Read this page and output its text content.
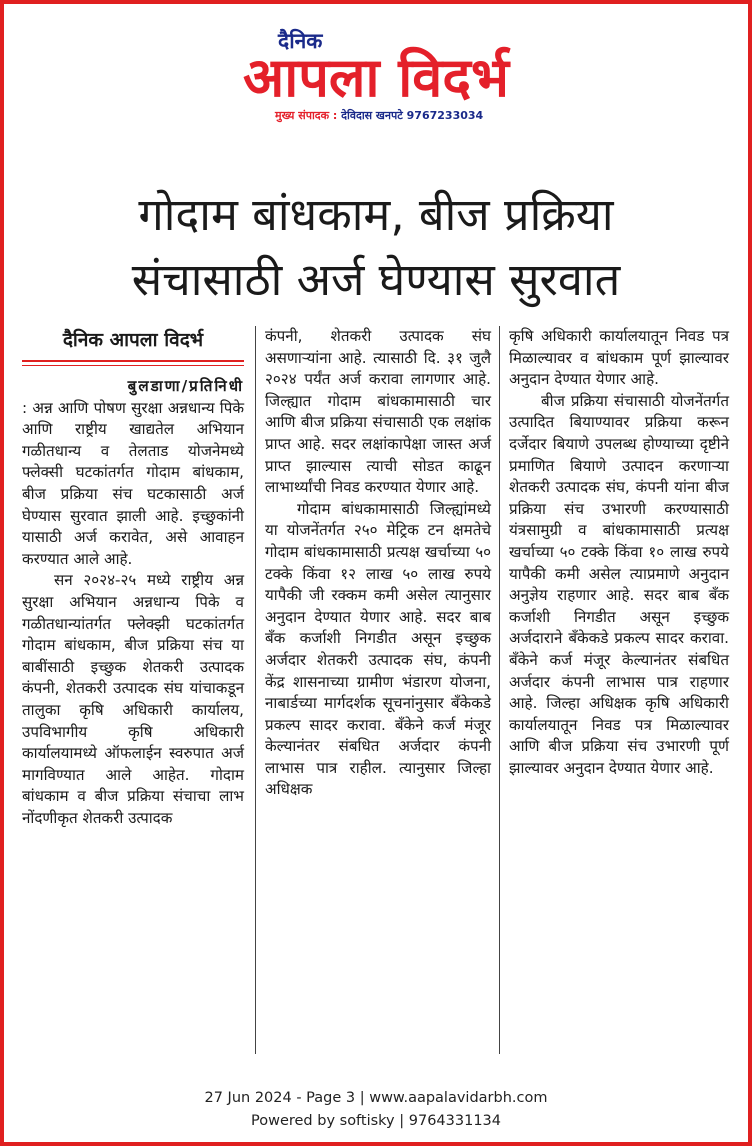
दैनिक
आपला विदर्भ
मुख्य संपादक : देविदास खनपटे 9767233034
गोदाम बांधकाम, बीज प्रक्रिया
संचासाठी अर्ज घेण्यास सुरवात
दैनिक आपला विदर्भ
बुलडाणा/प्रतिनिधी

: अन्न आणि पोषण सुरक्षा अन्नधान्य पिके आणि राष्ट्रीय खाद्यतेल अभियान गळीतधान्य व तेलताड योजनेमध्ये फ्लेक्सी घटकांतर्गत गोदाम बांधकाम, बीज प्रक्रिया संच घटकासाठी अर्ज घेण्यास सुरवात झाली आहे. इच्छुकांनी यासाठी अर्ज करावेत, असे आवाहन करण्यात आले आहे.

सन २०२४-२५ मध्ये राष्ट्रीय अन्न सुरक्षा अभियान अन्नधान्य पिके व गळीतधान्यांतर्गत फ्लेक्झी घटकांतर्गत गोदाम बांधकाम, बीज प्रक्रिया संच या बाबींसाठी इच्छुक शेतकरी उत्पादक कंपनी, शेतकरी उत्पादक संघ यांचाकडून तालुका कृषि अधिकारी कार्यालय, उपविभागीय कृषि अधिकारी कार्यालयामध्ये ऑफलाईन स्वरुपात अर्ज मागविण्यात आले आहेत. गोदाम बांधकाम व बीज प्रक्रिया संचाचा लाभ नोंदणीकृत शेतकरी उत्पादक

कंपनी, शेतकरी उत्पादक संघ असणाऱ्यांना आहे. त्यासाठी दि. ३१ जुलै २०२४ पर्यंत अर्ज करावा लागणार आहे. जिल्ह्यात गोदाम बांधकामासाठी चार आणि बीज प्रक्रिया संचासाठी एक लक्षांक प्राप्त आहे. सदर लक्षांकापेक्षा जास्त अर्ज प्राप्त झाल्यास त्याची सोडत काढून लाभार्थ्यांची निवड करण्यात येणार आहे.

गोदाम बांधकामासाठी जिल्ह्यांमध्ये या योजनेंतर्गत २५० मेट्रिक टन क्षमतेचे गोदाम बांधकामासाठी प्रत्यक्ष खर्चाच्या ५० टक्के किंवा १२ लाख ५० लाख रुपये यापैकी जी रक्कम कमी असेल त्यानुसार अनुदान देण्यात येणार आहे. सदर बाब बँक कर्जाशी निगडीत असून इच्छुक अर्जदार शेतकरी उत्पादक संघ, कंपनी केंद्र शासनाच्या ग्रामीण भंडारण योजना, नाबार्डच्या मार्गदर्शक सूचनांनुसार बँकेकडे प्रकल्प सादर करावा. बँकेने कर्ज मंजूर केल्यानंतर संबधित अर्जदार कंपनी लाभास पात्र राहील. त्यानुसार जिल्हा अधिक्षक

कृषि अधिकारी कार्यालयातून निवड पत्र मिळाल्यावर व बांधकाम पूर्ण झाल्यावर अनुदान देण्यात येणार आहे.

बीज प्रक्रिया संचासाठी योजनेंतर्गत उत्पादित बियाण्यावर प्रक्रिया करून दर्जेदार बियाणे उपलब्ध होण्याच्या दृष्टीने प्रमाणित बियाणे उत्पादन करणाऱ्या शेतकरी उत्पादक संघ, कंपनी यांना बीज प्रक्रिया संच उभारणी करण्यासाठी यंत्रसामुग्री व बांधकामासाठी प्रत्यक्ष खर्चाच्या ५० टक्के किंवा १० लाख रुपये यापैकी कमी असेल त्याप्रमाणे अनुदान अनुज्ञेय राहणार आहे. सदर बाब बँक कर्जाशी निगडीत असून इच्छुक अर्जदाराने बँकेकडे प्रकल्प सादर करावा. बँकेने कर्ज मंजूर केल्यानंतर संबधित अर्जदार कंपनी लाभास पात्र राहणार आहे. जिल्हा अधिक्षक कृषि अधिकारी कार्यालयातून निवड पत्र मिळाल्यावर आणि बीज प्रक्रिया संच उभारणी पूर्ण झाल्यावर अनुदान देण्यात येणार आहे.

27 Jun 2024 - Page 3 | www.aapalavidarbh.com
Powered by softisky | 9764331134
